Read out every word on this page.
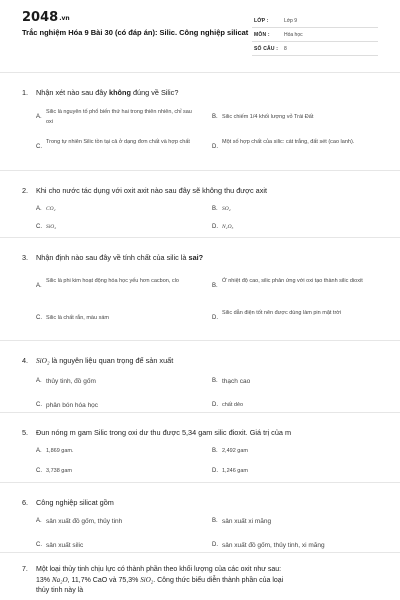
2048.vn
Trắc nghiệm Hóa 9 Bài 30 (có đáp án): Silic. Công nghiệp silicat
LỚP :	Lớp 9
MÔN :	Hóa học
SỐ CÂU : 8
1. Nhận xét nào sau đây không đúng về Silic?
A.
Silic là nguyên tố phổ biến thứ hai trong thiên nhiên, chỉ sau oxi
B. Silic chiếm 1/4 khối lượng vỏ Trái Đất
C.
Trong tự nhiên Silic tồn tại cả ở dạng đơn chất và hợp chất
D.
Một số hợp chất của silic: cát trắng, đất sét (cao lanh).
2. Khi cho nước tác dụng với oxit axit nào sau đây sẽ không thu được axit
A. CO₂	B. SO₂
C. SiO₂	D. N₂O₅
3. Nhận định nào sau đây về tính chất của silic là sai?
A.
Silic là phi kim hoạt động hóa học yếu hơn cacbon, clo
B.
Ở nhiệt độ cao, silic phản ứng với oxi tạo thành silic dioxit
C. Silic là chất rắn, màu xám	D.
Silic dẫn điện tốt nên được dùng làm pin mặt trời
4. SiO₂ là nguyên liệu quan trọng để sản xuất
A. thủy tinh, đồ gốm	B. thạch cao
C. phân bón hóa học	D. chất dẻo
5. Đun nóng m gam Silic trong oxi dư thu được 5,34 gam silic đioxit. Giá trị của m
A. 1,869 gam.	B. 2,492 gam
C. 3,738 gam	D. 1,246 gam
6. Công nghiệp silicat gồm
A. sản xuất đồ gốm, thủy tinh	B. sản xuất xi măng
C. sản xuất silic	D. sản xuất đồ gốm, thủy tinh, xi măng
7. Một loại thủy tinh chịu lực có thành phần theo khối lượng của các oxit như sau:
13% Na₂O, 11,7% CaO và 75,3% SiO₂. Công thức biểu diễn thành phần của loại
thủy tinh này là
